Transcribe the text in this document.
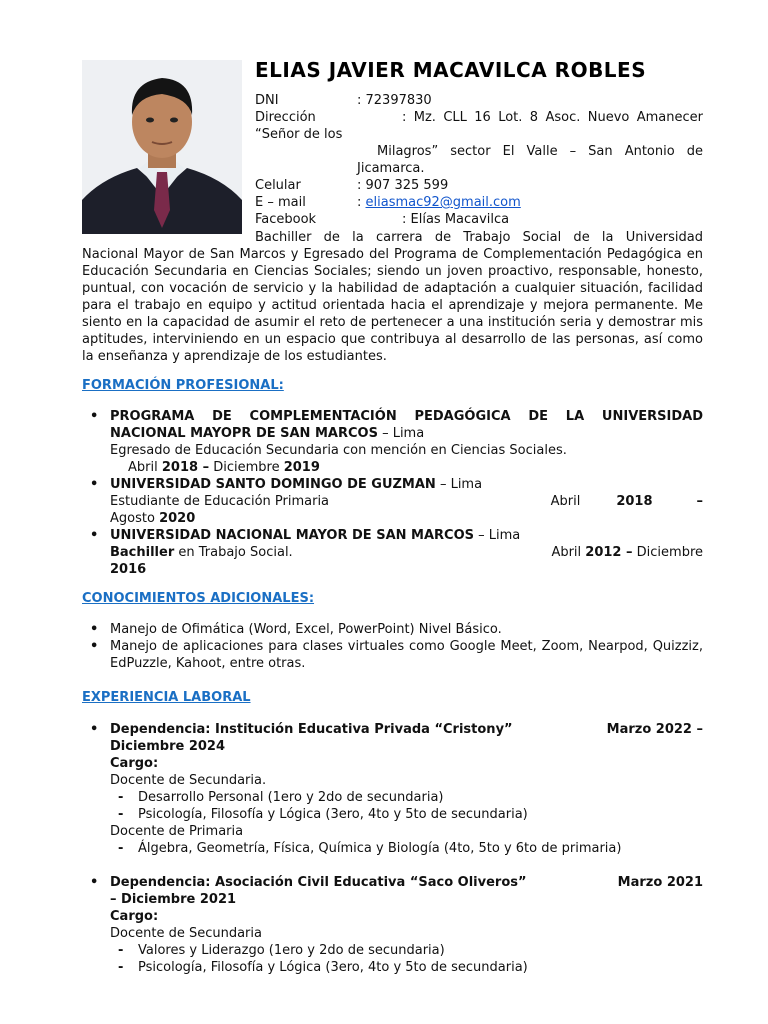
ELIAS JAVIER MACAVILCA ROBLES
DNI	: 72397830
Dirección	: Mz. CLL 16 Lot. 8 Asoc. Nuevo Amanecer
“Señor de los
Milagros” sector El Valle – San Antonio de
Jicamarca.
Celular	: 907 325 599
E – mail	: eliasmac92@gmail.com
Facebook	: Elías Macavilca
Bachiller de la carrera de Trabajo Social de la Universidad
Nacional Mayor de San Marcos y Egresado del Programa de Complementación Pedagógica en Educación Secundaria en Ciencias Sociales; siendo un joven proactivo, responsable, honesto, puntual, con vocación de servicio y la habilidad de adaptación a cualquier situación, facilidad para el trabajo en equipo y actitud orientada hacia el aprendizaje y mejora permanente. Me siento en la capacidad de asumir el reto de pertenecer a una institución seria y demostrar mis aptitudes, interviniendo en un espacio que contribuya al desarrollo de las personas, así como la enseñanza y aprendizaje de los estudiantes.
FORMACIÓN PROFESIONAL:
• PROGRAMA DE COMPLEMENTACIÓN PEDAGÓGICA DE LA UNIVERSIDAD NACIONAL MAYOPR DE SAN MARCOS – Lima
Egresado de Educación Secundaria con mención en Ciencias Sociales.
Abril 2018 – Diciembre 2019
• UNIVERSIDAD SANTO DOMINGO DE GUZMAN – Lima
Estudiante de Educación Primaria	Abril	2018	–
Agosto 2020
• UNIVERSIDAD NACIONAL MAYOR DE SAN MARCOS – Lima
Bachiller en Trabajo Social.	Abril 2012 – Diciembre
2016
CONOCIMIENTOS ADICIONALES:
• Manejo de Ofimática (Word, Excel, PowerPoint) Nivel Básico.
• Manejo de aplicaciones para clases virtuales como Google Meet, Zoom, Nearpod, Quizziz, EdPuzzle, Kahoot, entre otras.
EXPERIENCIA LABORAL
• Dependencia: Institución Educativa Privada “Cristony”	Marzo 2022 –
Diciembre 2024
Cargo:
Docente de Secundaria.
- Desarrollo Personal (1ero y 2do de secundaria)
- Psicología, Filosofía y Lógica (3ero, 4to y 5to de secundaria)
Docente de Primaria
- Álgebra, Geometría, Física, Química y Biología (4to, 5to y 6to de primaria)
• Dependencia: Asociación Civil Educativa “Saco Oliveros”	Marzo 2021
– Diciembre 2021
Cargo:
Docente de Secundaria
- Valores y Liderazgo (1ero y 2do de secundaria)
- Psicología, Filosofía y Lógica (3ero, 4to y 5to de secundaria)
